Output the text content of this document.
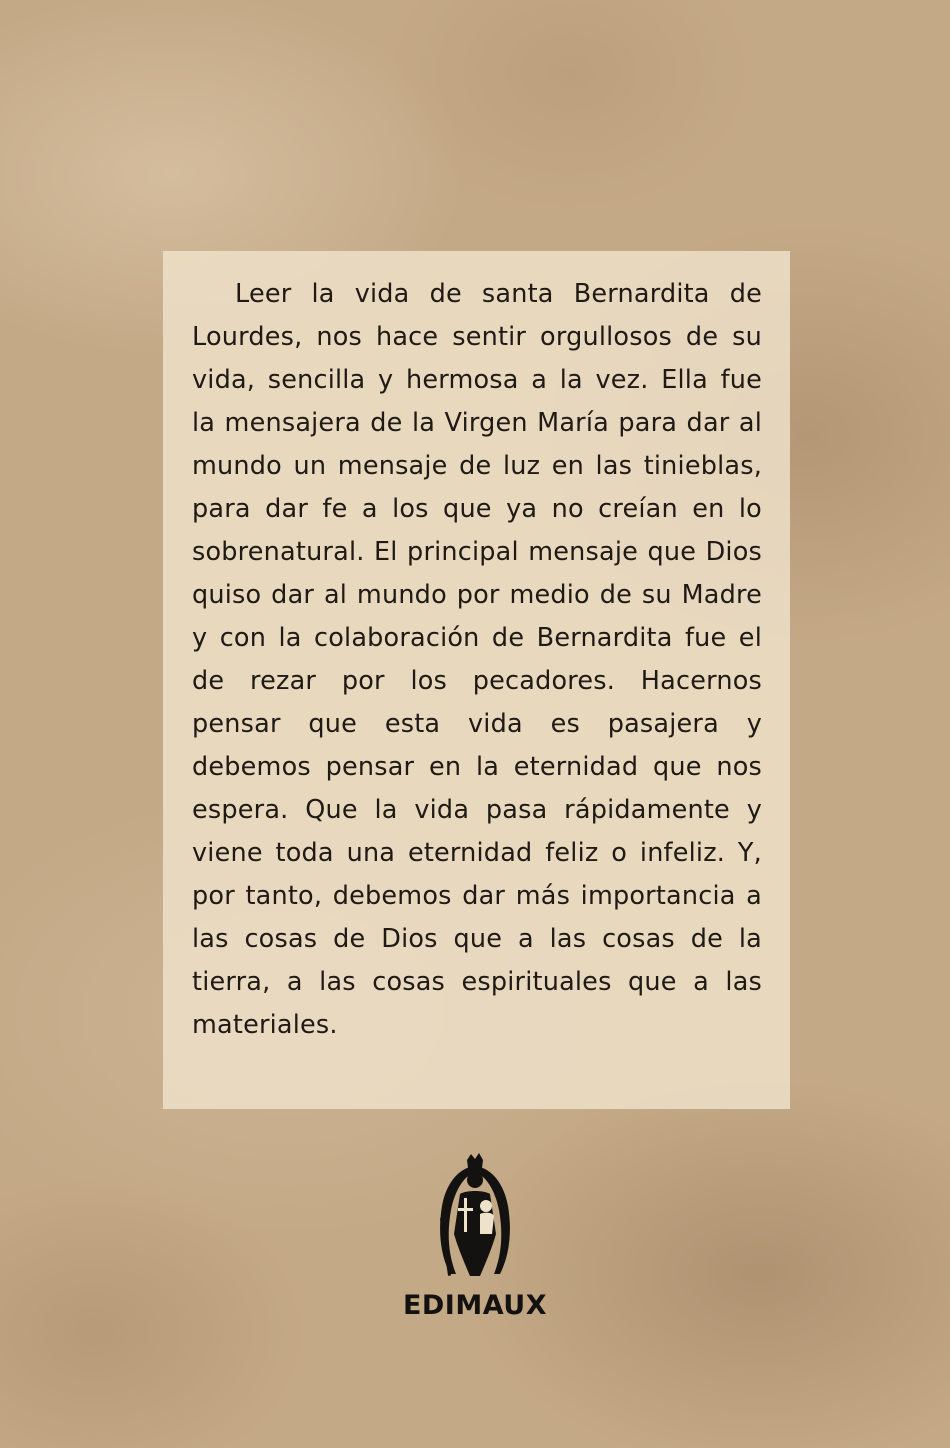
Leer la vida de santa Bernardita de Lourdes, nos hace sentir orgullosos de su vida, sencilla y hermosa a la vez. Ella fue la mensajera de la Virgen María para dar al mundo un mensaje de luz en las tinieblas, para dar fe a los que ya no creían en lo sobrenatural. El principal mensaje que Dios quiso dar al mundo por medio de su Madre y con la colaboración de Bernardita fue el de rezar por los pecadores. Hacernos pensar que esta vida es pasajera y debemos pensar en la eternidad que nos espera. Que la vida pasa rápidamente y viene toda una eternidad feliz o infeliz. Y, por tanto, debemos dar más importancia a las cosas de Dios que a las cosas de la tierra, a las cosas espirituales que a las materiales.

EDIMAUX
